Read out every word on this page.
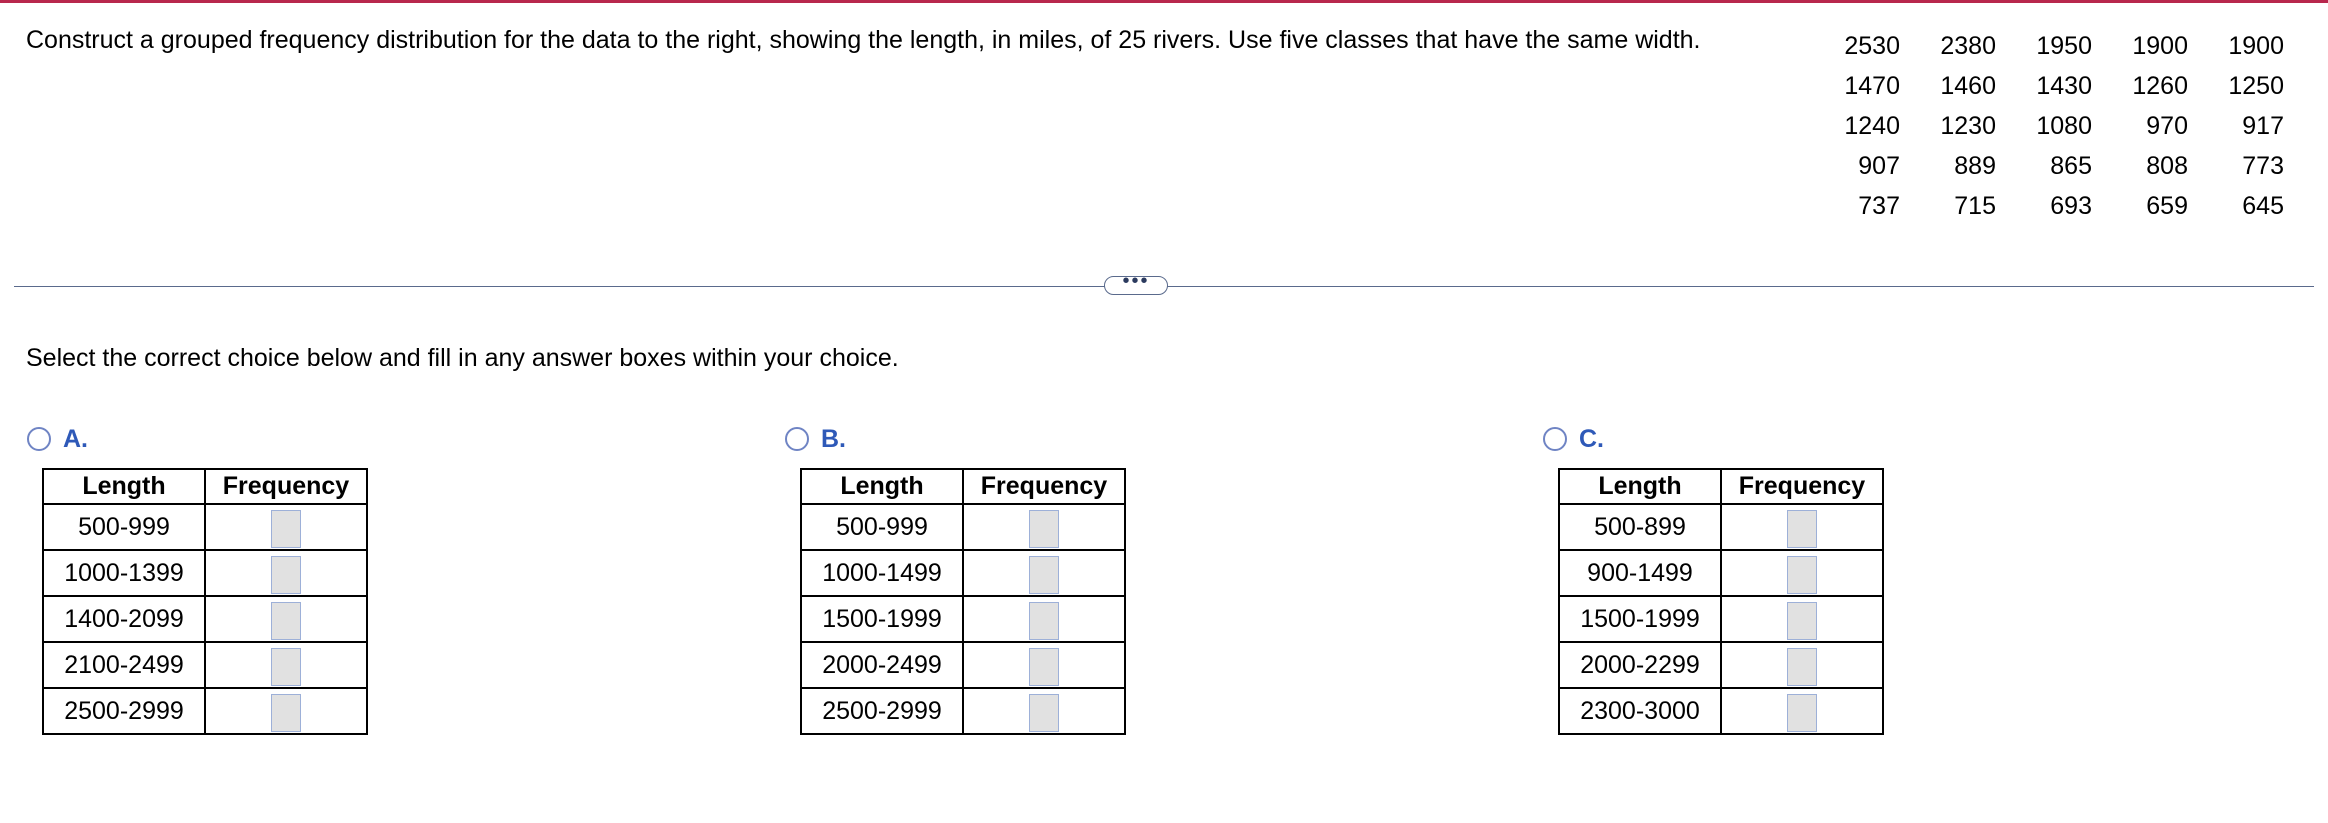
Construct a grouped frequency distribution for the data to the right, showing the length, in miles, of 25 rivers. Use five classes that have the same width.	2530	2380	1950	1900	1900
1470	1460	1430	1260	1250
1240	1230	1080	970	917
907	889	865	808	773
737	715	693	659	645
•••
Select the correct choice below and fill in any answer boxes within your choice.
A.
Length	Frequency
500-999	
1000-1399	
1400-2099	
2100-2499	
2500-2999	
B.
Length	Frequency
500-999	
1000-1499	
1500-1999	
2000-2499	
2500-2999	
C.
Length	Frequency
500-899	
900-1499	
1500-1999	
2000-2299	
2300-3000	
